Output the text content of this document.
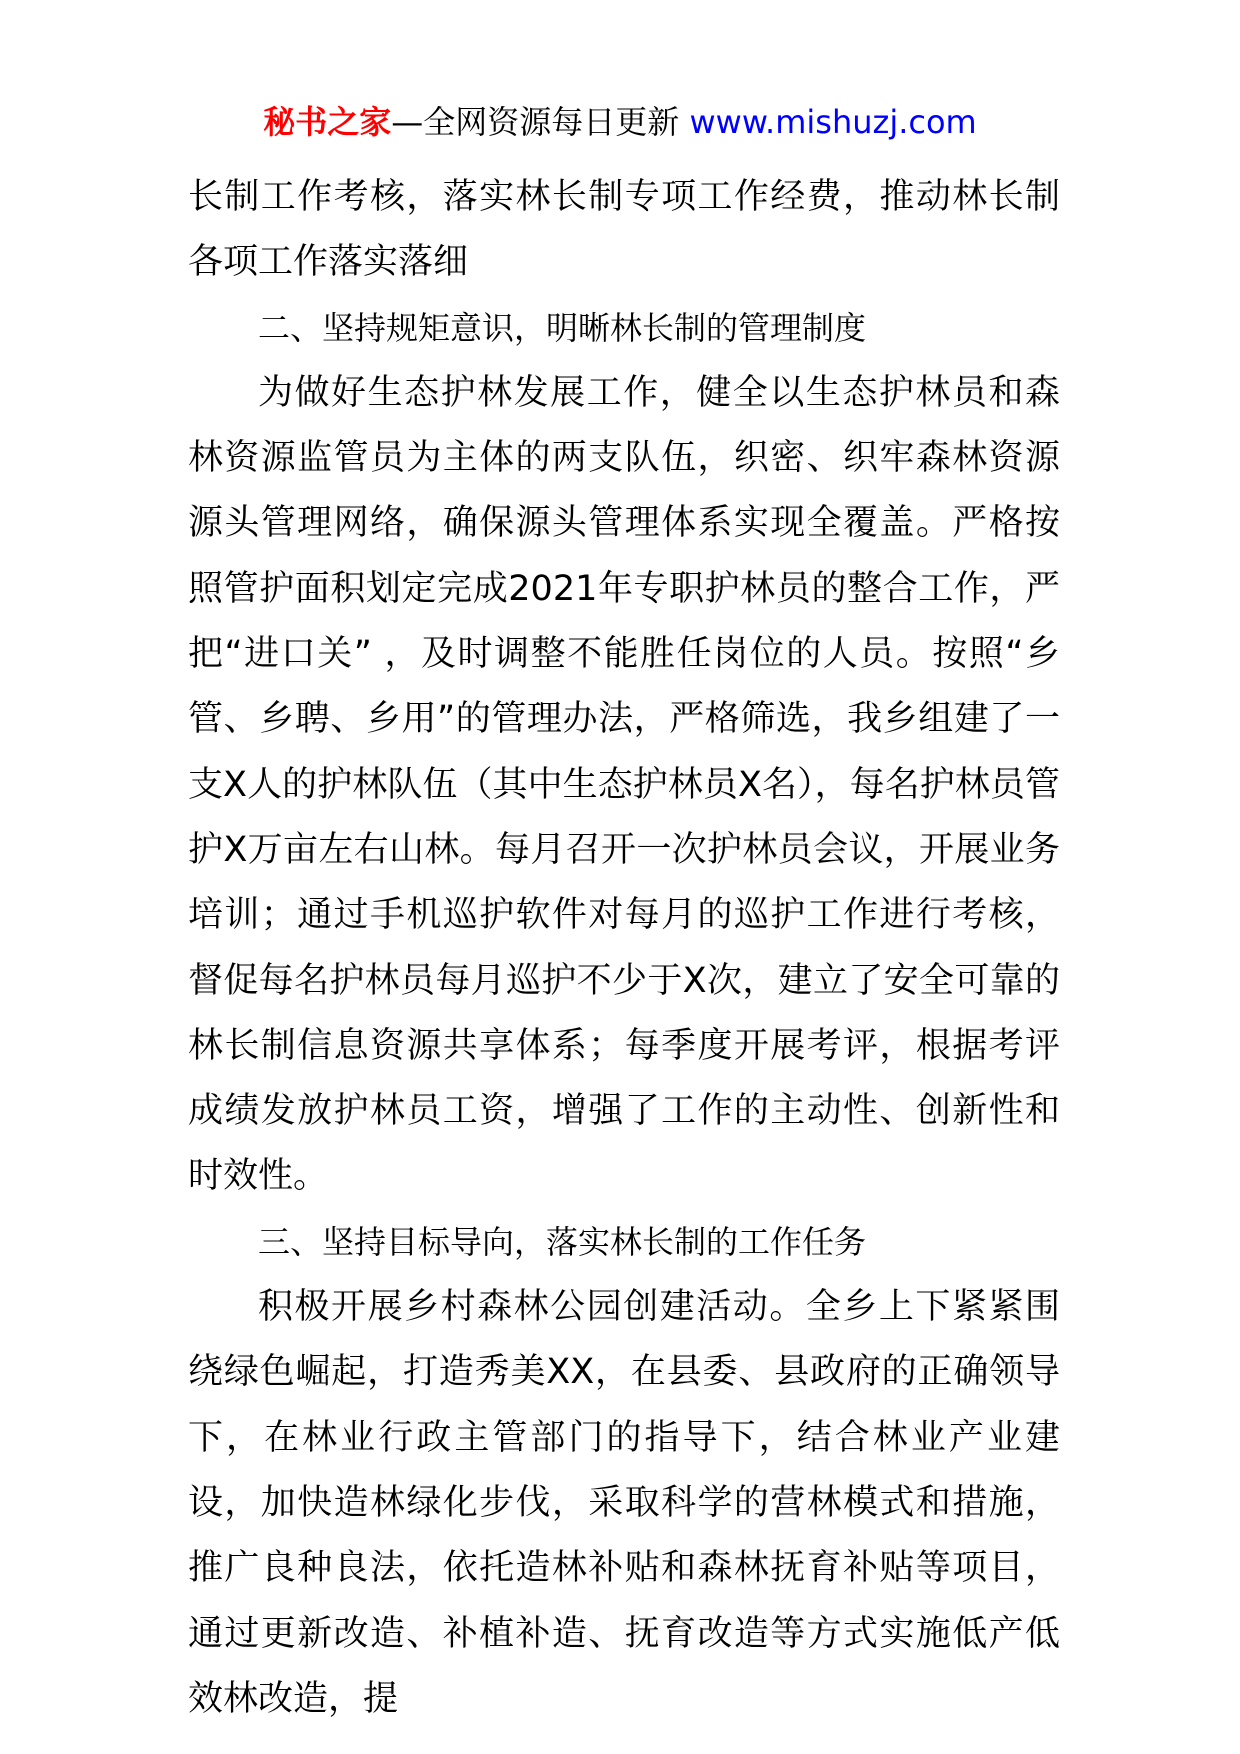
秘书之家—全网资源每日更新 www.mishuzj.com

长制工作考核，落实林长制专项工作经费，推动林长制各项工作落实落细

二、坚持规矩意识，明晰林长制的管理制度

为做好生态护林发展工作，健全以生态护林员和森林资源监管员为主体的两支队伍，织密、织牢森林资源源头管理网络，确保源头管理体系实现全覆盖。严格按照管护面积划定完成2021年专职护林员的整合工作，严把“进口关” ，及时调整不能胜任岗位的人员。按照“乡管、乡聘、乡用”的管理办法，严格筛选，我乡组建了一支X人的护林队伍（其中生态护林员X名），每名护林员管护X万亩左右山林。每月召开一次护林员会议，开展业务培训；通过手机巡护软件对每月的巡护工作进行考核，督促每名护林员每月巡护不少于X次，建立了安全可靠的林长制信息资源共享体系；每季度开展考评，根据考评成绩发放护林员工资，增强了工作的主动性、创新性和时效性。

三、坚持目标导向，落实林长制的工作任务

积极开展乡村森林公园创建活动。全乡上下紧紧围绕绿色崛起，打造秀美XX，在县委、县政府的正确领导下，在林业行政主管部门的指导下，结合林业产业建设，加快造林绿化步伐，采取科学的营林模式和措施，推广良种良法，依托造林补贴和森林抚育补贴等项目，通过更新改造、补植补造、抚育改造等方式实施低产低效林改造，提
